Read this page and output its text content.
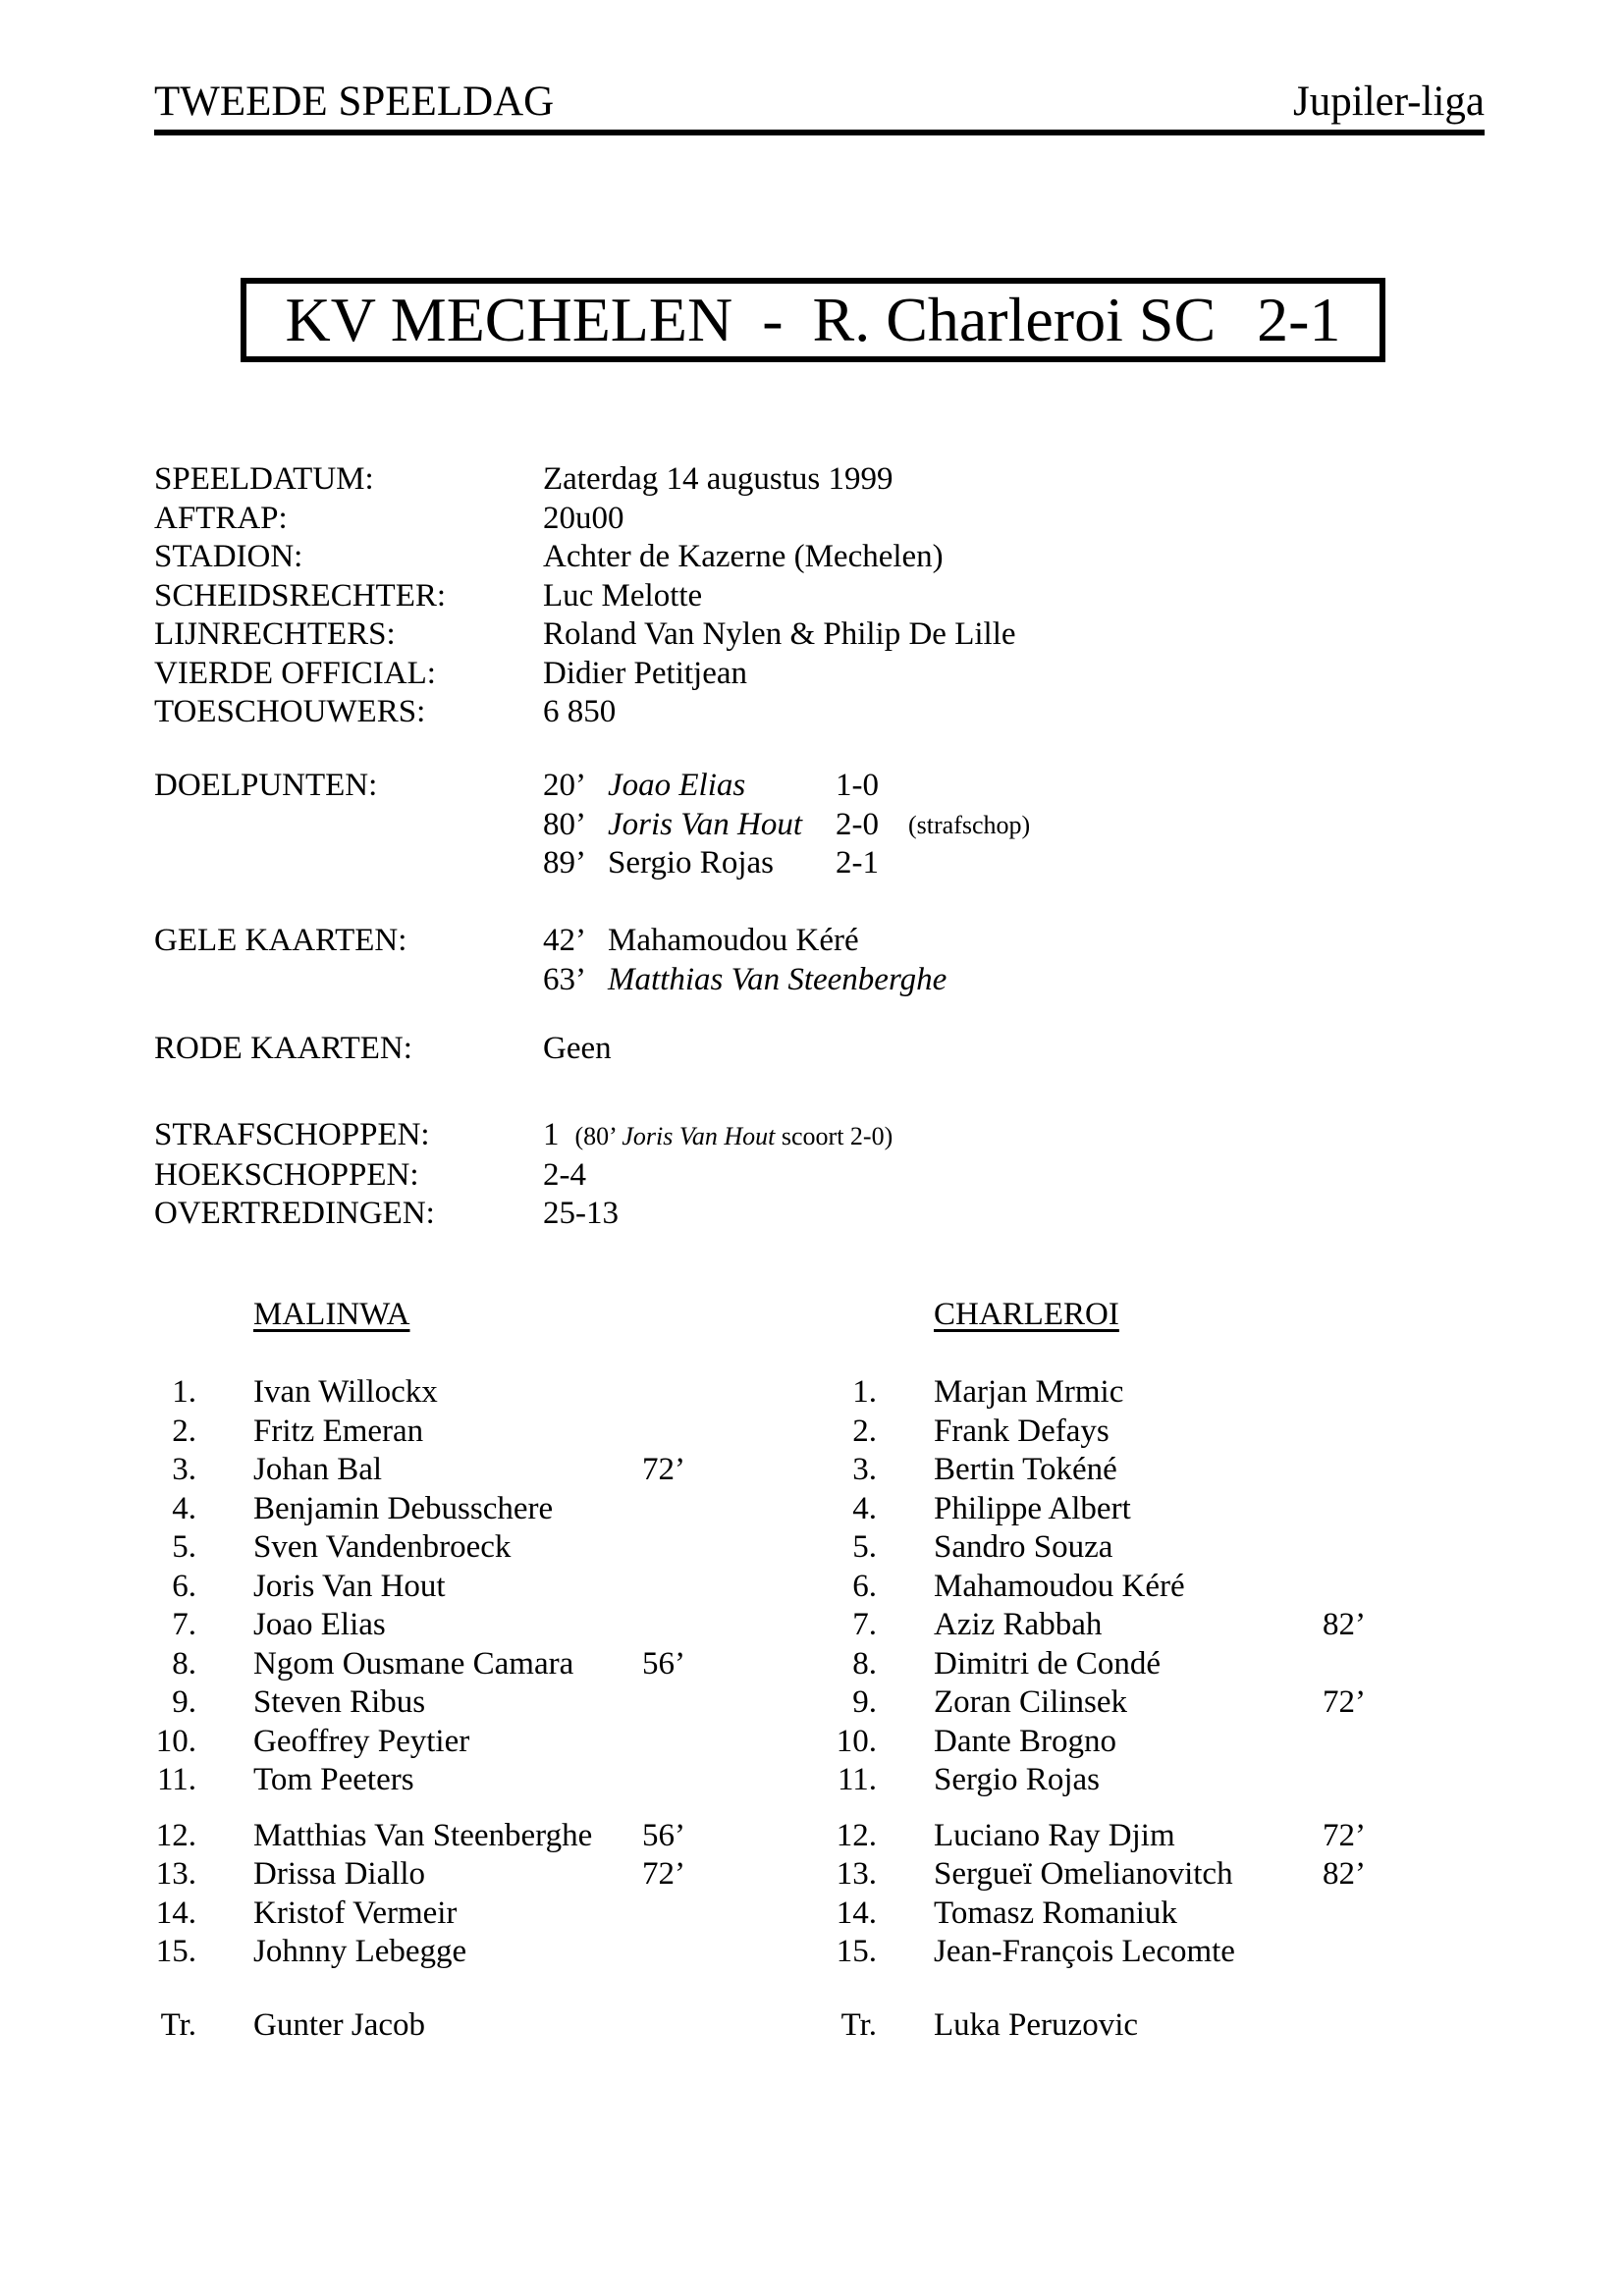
TWEEDE SPEELDAG	Jupiler-liga
KV MECHELEN - R. Charleroi SC 2-1
SPEELDATUM:	Zaterdag 14 augustus 1999
AFTRAP:	20u00
STADION:	Achter de Kazerne (Mechelen)
SCHEIDSRECHTER:	Luc Melotte
LIJNRECHTERS:	Roland Van Nylen & Philip De Lille
VIERDE OFFICIAL:	Didier Petitjean
TOESCHOUWERS:	6 850
DOELPUNTEN:	20’ Joao Elias	1-0
80’ Joris Van Hout	2-0	(strafschop)
89’ Sergio Rojas	2-1
GELE KAARTEN:	42’ Mahamoudou Kéré
63’ Matthias Van Steenberghe
RODE KAARTEN:	Geen
STRAFSCHOPPEN:	1 (80’ Joris Van Hout scoort 2-0)
HOEKSCHOPPEN:	2-4
OVERTREDINGEN:	25-13
MALINWA
1. Ivan Willockx
2. Fritz Emeran
3. Johan Bal	72’
4. Benjamin Debusschere
5. Sven Vandenbroeck
6. Joris Van Hout
7. Joao Elias
8. Ngom Ousmane Camara	56’
9. Steven Ribus
10. Geoffrey Peytier
11. Tom Peeters
12. Matthias Van Steenberghe	56’
13. Drissa Diallo	72’
14. Kristof Vermeir
15. Johnny Lebegge
Tr. Gunter Jacob
CHARLEROI
1. Marjan Mrmic
2. Frank Defays
3. Bertin Tokéné
4. Philippe Albert
5. Sandro Souza
6. Mahamoudou Kéré
7. Aziz Rabbah	82’
8. Dimitri de Condé
9. Zoran Cilinsek	72’
10. Dante Brogno
11. Sergio Rojas
12. Luciano Ray Djim	72’
13. Sergueï Omelianovitch	82’
14. Tomasz Romaniuk
15. Jean-François Lecomte
Tr. Luka Peruzovic
